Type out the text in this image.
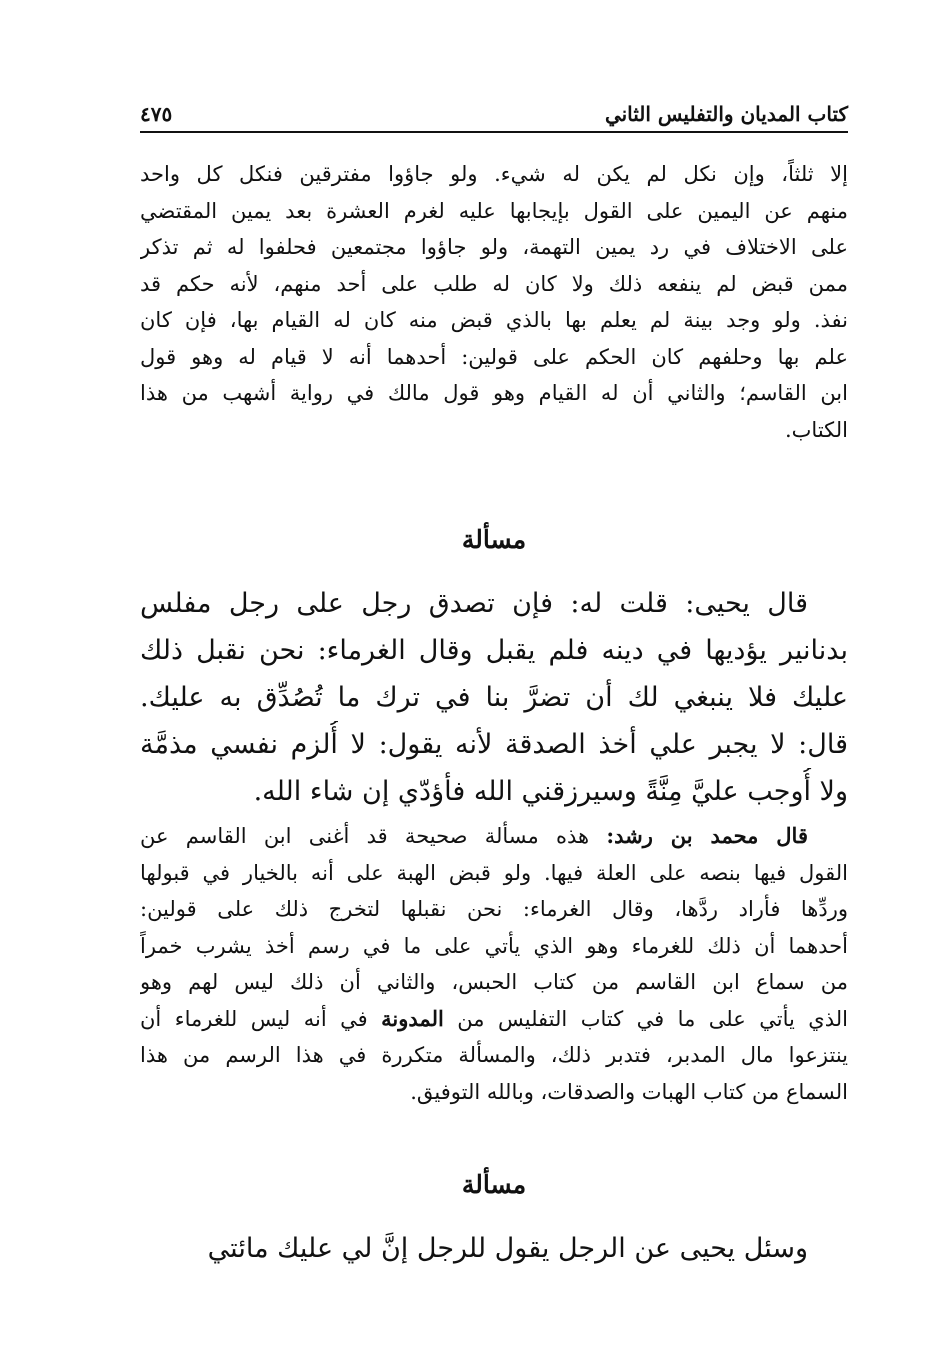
كتاب المديان والتفليس الثاني
٤٧٥
إلا ثلثاً، وإن نكل لم يكن له شيء. ولو جاؤوا مفترقين فنكل كل واحد
منهم عن اليمين على القول بإيجابها عليه لغرم العشرة بعد يمين المقتضي
على الاختلاف في رد يمين التهمة، ولو جاؤوا مجتمعين فحلفوا له ثم تذكر
ممن قبض لم ينفعه ذلك ولا كان له طلب على أحد منهم، لأنه حكم قد
نفذ. ولو وجد بينة لم يعلم بها بالذي قبض منه كان له القيام بها، فإن كان
علم بها وحلفهم كان الحكم على قولين: أحدهما أنه لا قيام له وهو قول
ابن القاسم؛ والثاني أن له القيام وهو قول مالك في رواية أشهب من هذا
الكتاب.
مسألة
قال يحيى: قلت له: فإن تصدق رجل على رجل مفلس
بدنانير يؤديها في دينه فلم يقبل وقال الغرماء: نحن نقبل ذلك
عليك فلا ينبغي لك أن تضرَّ بنا في ترك ما تُصُدِّق به عليك.
قال: لا يجبر علي أخذ الصدقة لأنه يقول: لا أُلزم نفسي مذمَّة
ولا أُوجب عليَّ مِنَّةً وسيرزقني الله فأؤدّي إن شاء الله.
قال محمد بن رشد: هذه مسألة صحيحة قد أغنى ابن القاسم عن
القول فيها بنصه على العلة فيها. ولو قبض الهبة على أنه بالخيار في قبولها
وردِّها فأراد ردَّها، وقال الغرماء: نحن نقبلها لتخرج ذلك على قولين:
أحدهما أن ذلك للغرماء وهو الذي يأتي على ما في رسم أخذ يشرب خمراً
من سماع ابن القاسم من كتاب الحبس، والثاني أن ذلك ليس لهم وهو
الذي يأتي على ما في كتاب التفليس من المدونة في أنه ليس للغرماء أن
ينتزعوا مال المدبر، فتدبر ذلك، والمسألة متكررة في هذا الرسم من هذا
السماع من كتاب الهبات والصدقات، وبالله التوفيق.
مسألة
وسئل يحيى عن الرجل يقول للرجل إنَّ لي عليك مائتي
